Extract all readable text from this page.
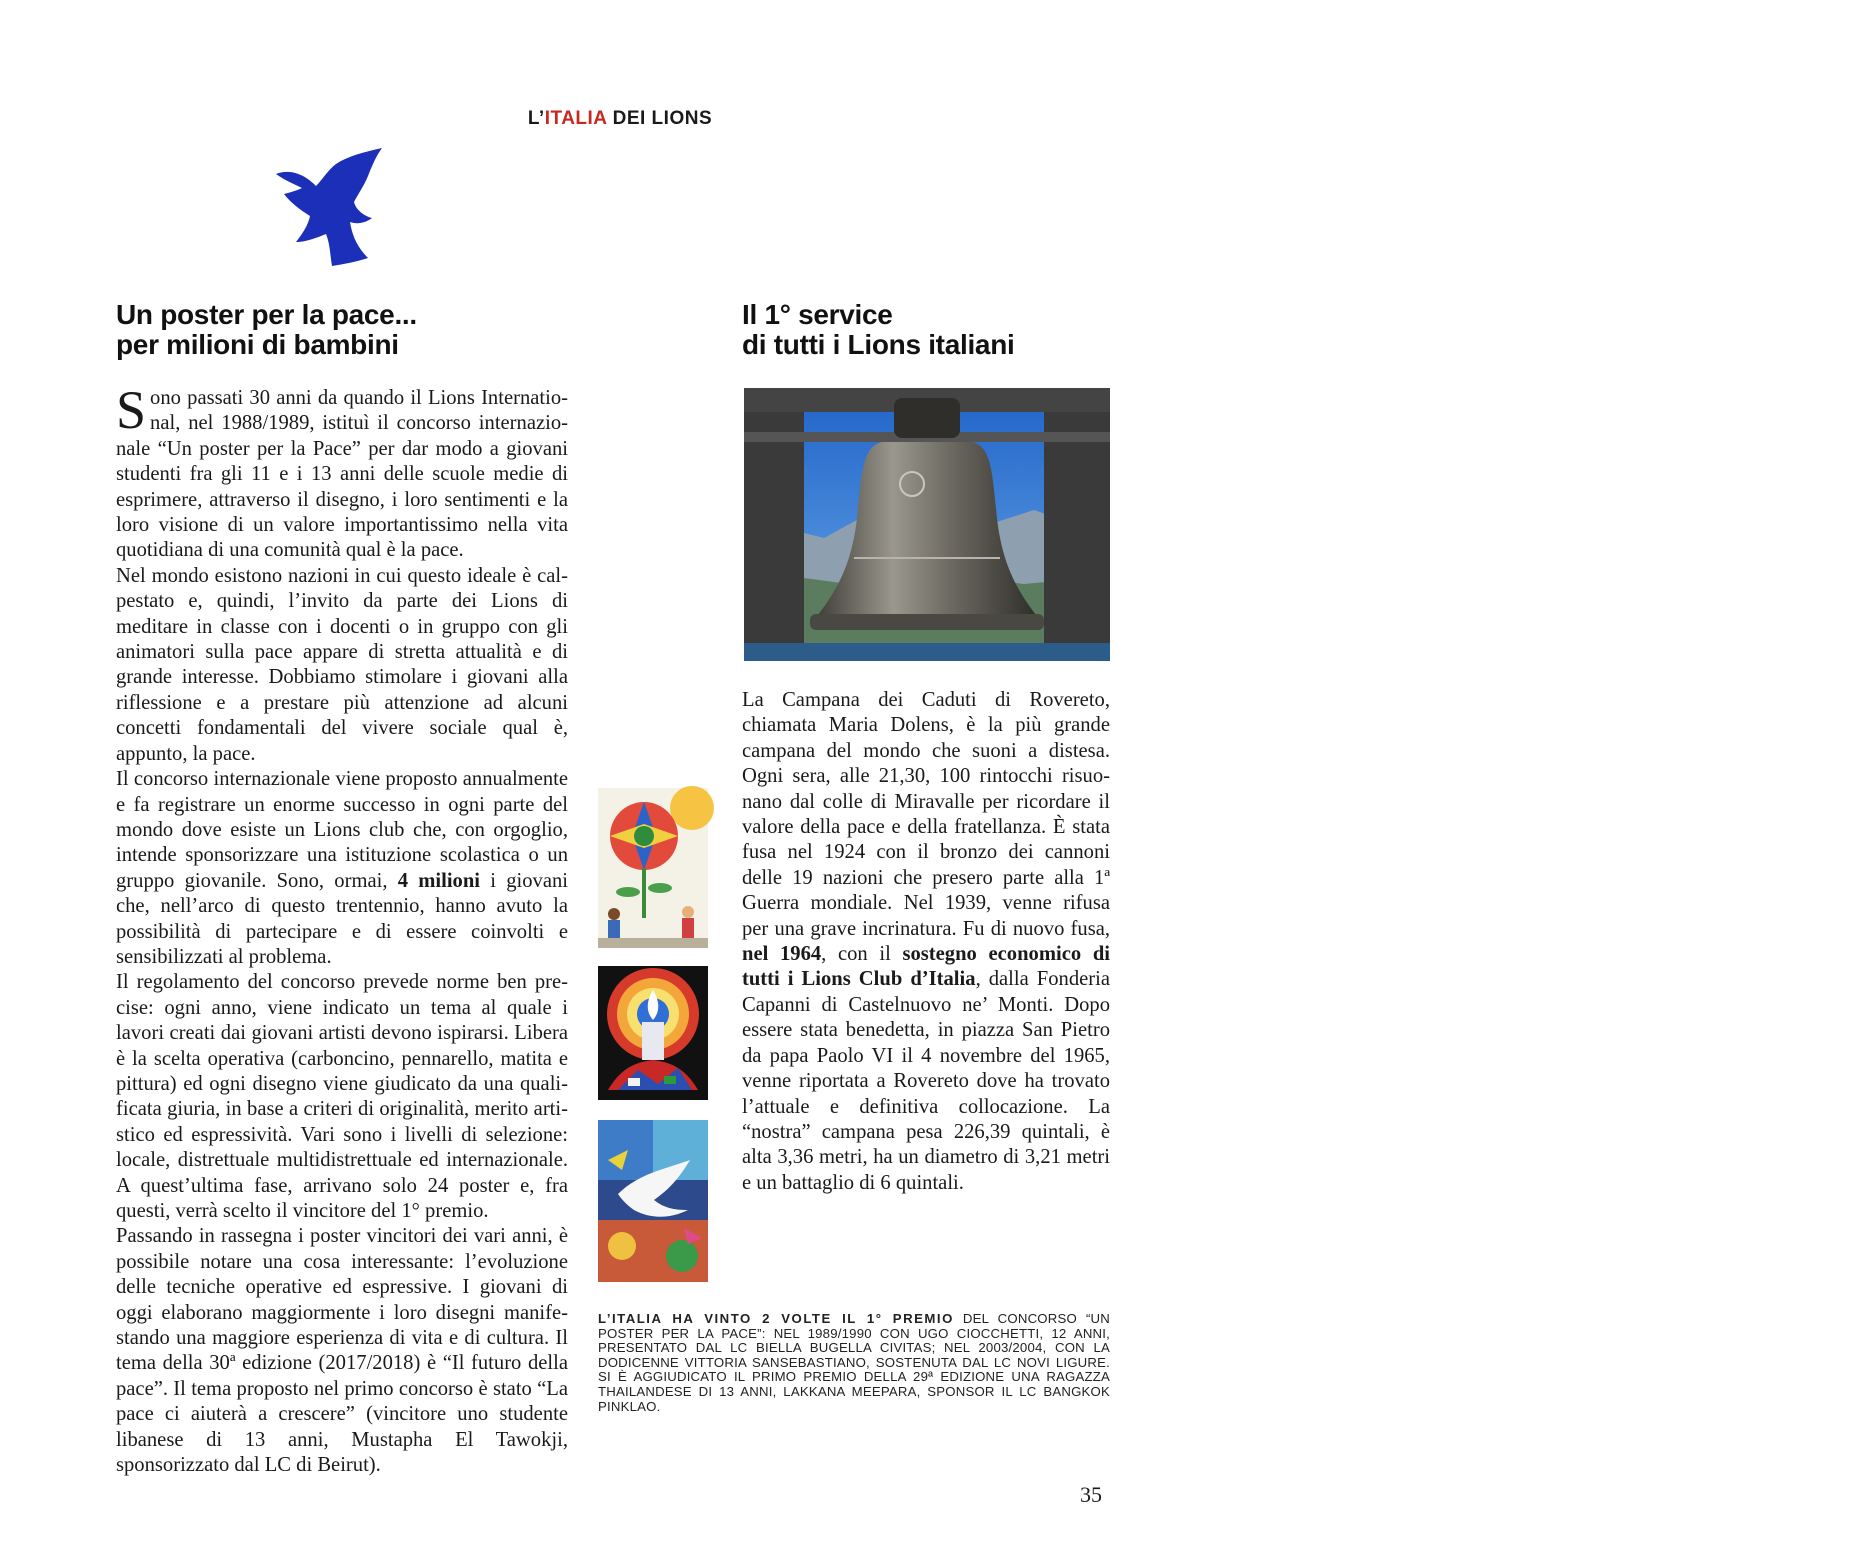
L’ITALIA DEI LIONS
Un poster per la pace...
per milioni di bambini

Sono passati 30 anni da quando il Lions International, nel 1988/1989, istituì il concorso internazionale “Un poster per la Pace” per dar modo a giovani studenti fra gli 11 e i 13 anni delle scuole medie di esprimere, attraverso il disegno, i loro sentimenti e la loro visione di un valore importantissimo nella vita quotidiana di una comunità qual è la pace.

Nel mondo esistono nazioni in cui questo ideale è calpestato e, quindi, l’invito da parte dei Lions di meditare in classe con i docenti o in gruppo con gli animatori sulla pace appare di stretta attualità e di grande interesse. Dobbiamo stimolare i giovani alla riflessione e a prestare più attenzione ad alcuni concetti fondamentali del vivere sociale qual è, appunto, la pace.

Il concorso internazionale viene proposto annualmente e fa registrare un enorme successo in ogni parte del mondo dove esiste un Lions club che, con orgoglio, intende sponsorizzare una istituzione scolastica o un gruppo giovanile. Sono, ormai, 4 milioni i giovani che, nell’arco di questo trentennio, hanno avuto la possibilità di partecipare e di essere coinvolti e sensibilizzati al problema.

Il regolamento del concorso prevede norme ben precise: ogni anno, viene indicato un tema al quale i lavori creati dai giovani artisti devono ispirarsi. Libera è la scelta operativa (carboncino, pennarello, matita e pittura) ed ogni disegno viene giudicato da una qualificata giuria, in base a criteri di originalità, merito artistico ed espressività. Vari sono i livelli di selezione: locale, distrettuale multidistrettuale ed internazionale. A quest’ultima fase, arrivano solo 24 poster e, fra questi, verrà scelto il vincitore del 1° premio.

Passando in rassegna i poster vincitori dei vari anni, è possibile notare una cosa interessante: l’evoluzione delle tecniche operative ed espressive. I giovani di oggi elaborano maggiormente i loro disegni manifestando una maggiore esperienza di vita e di cultura. Il tema della 30ª edizione (2017/2018) è “Il futuro della pace”. Il tema proposto nel primo concorso è stato “La pace ci aiuterà a crescere” (vincitore uno studente libanese di 13 anni, Mustapha El Tawokji, sponsorizzato dal LC di Beirut).

Il 1° service
di tutti i Lions italiani
© Sandro & Crestics
La Campana dei Caduti di Rovereto, chiamata Maria Dolens, è la più grande campana del mondo che suoni a distesa. Ogni sera, alle 21,30, 100 rintocchi risuonano dal colle di Miravalle per ricordare il valore della pace e della fratellanza. È stata fusa nel 1924 con il bronzo dei cannoni delle 19 nazioni che presero parte alla 1ª Guerra mondiale. Nel 1939, venne rifusa per una grave incrinatura. Fu di nuovo fusa, nel 1964, con il sostegno economico di tutti i Lions Club d’Italia, dalla Fonderia Capanni di Castelnuovo ne’ Monti. Dopo essere stata benedetta, in piazza San Pietro da papa Paolo VI il 4 novembre del 1965, venne riportata a Rovereto dove ha trovato l’attuale e definitiva collocazione. La “nostra” campana pesa 226,39 quintali, è alta 3,36 metri, ha un diametro di 3,21 metri e un battaglio di 6 quintali.
L’ITALIA HA VINTO 2 VOLTE IL 1° PREMIO DEL CONCORSO “UN POSTER PER LA PACE”: NEL 1989/1990 CON UGO CIOCCHETTI, 12 ANNI, PRESENTATO DAL LC BIELLA BUGELLA CIVITAS; NEL 2003/2004, CON LA DODICENNE VITTORIA SANSEBASTIANO, SOSTENUTA DAL LC NOVI LIGURE. SI È AGGIUDICATO IL PRIMO PREMIO DELLA 29ª EDIZIONE UNA RAGAZZA THAILANDESE DI 13 ANNI, LAKKANA MEEPARA, SPONSOR IL LC BANGKOK PINKLAO.
35
